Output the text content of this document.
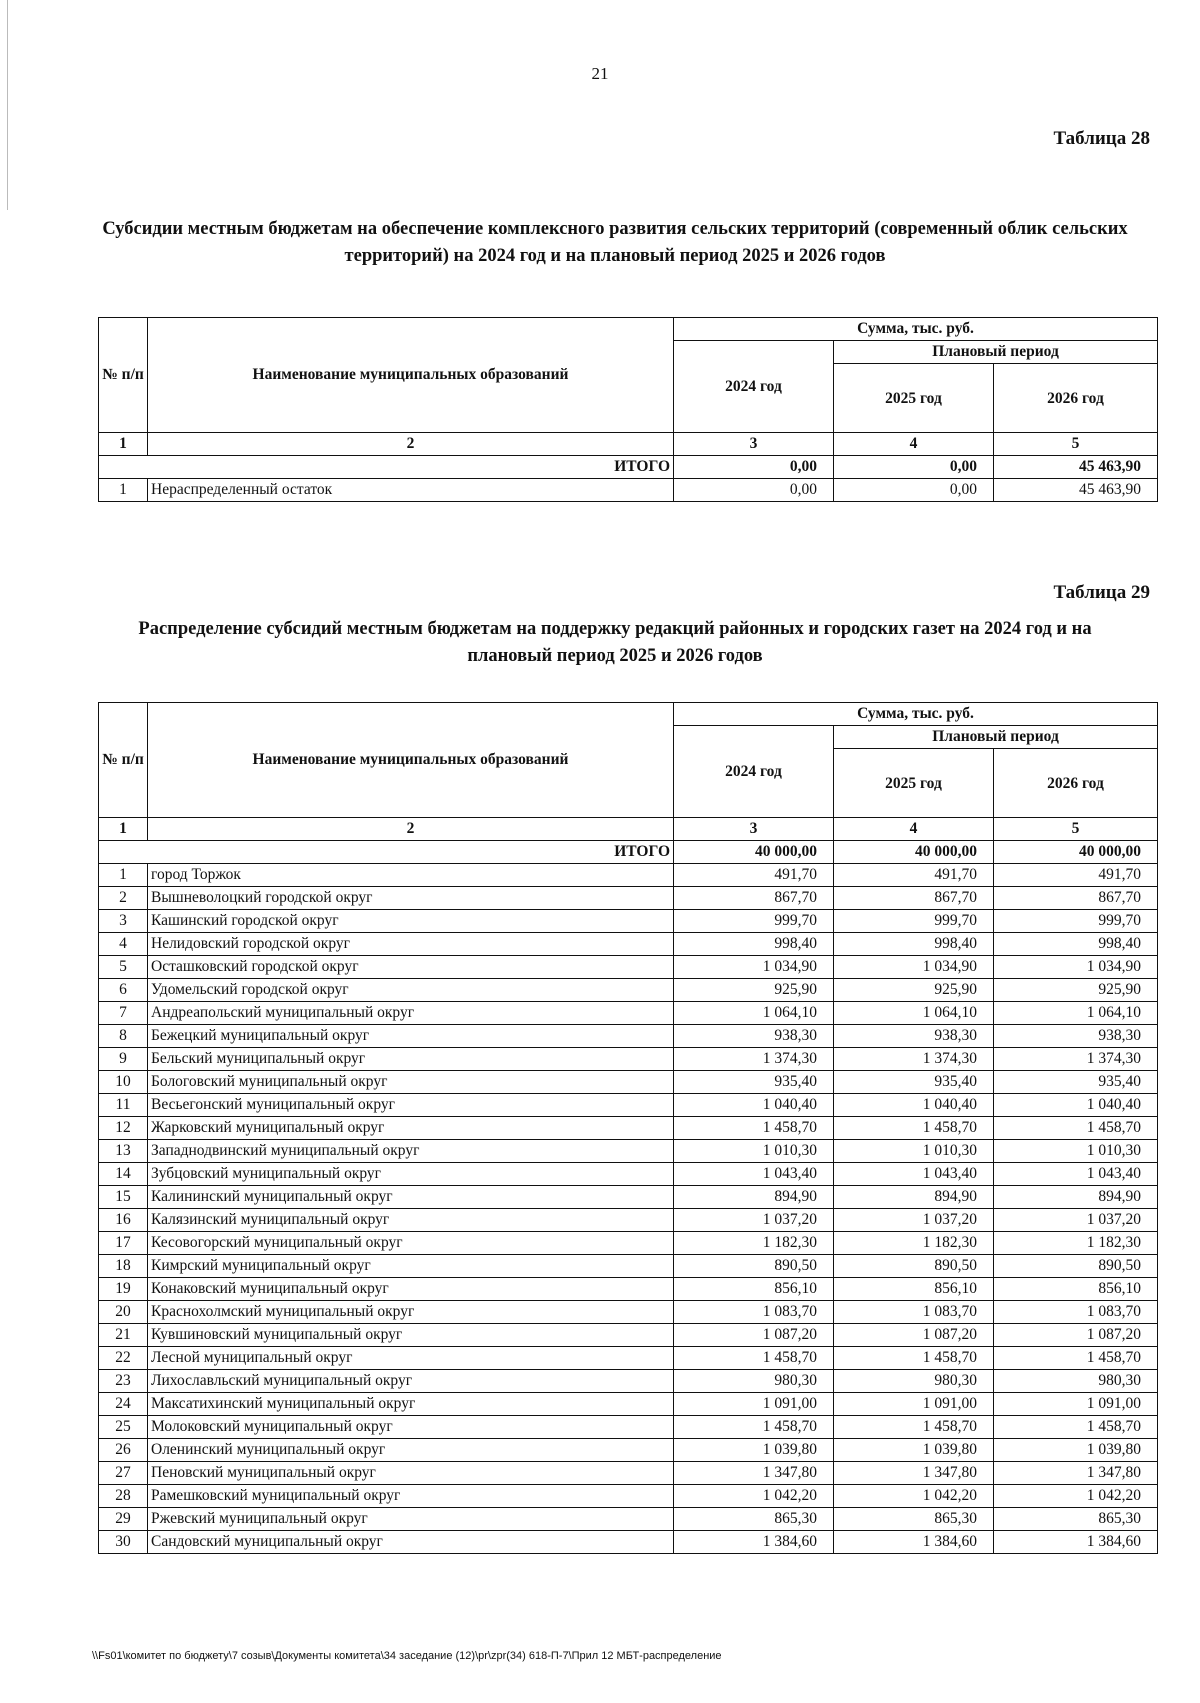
21
Таблица 28
Субсидии местным бюджетам на обеспечение комплексного развития сельских территорий (современный облик сельских территорий) на 2024 год и на плановый период 2025 и 2026 годов
№ п/п	Наименование муниципальных образований	Сумма, тыс. руб.		
		2024 год	Плановый период	
			2025 год	2026 год
1	2	3	4	5
ИТОГО		0,00	0,00	45 463,90
1	Нераспределенный остаток	0,00	0,00	45 463,90
Таблица 29
Распределение субсидий местным бюджетам на поддержку редакций районных и городских газет на 2024 год и на плановый период 2025 и 2026 годов
№ п/п	Наименование муниципальных образований	Сумма, тыс. руб.		
		2024 год	Плановый период	
			2025 год	2026 год
1	2	3	4	5
ИТОГО		40 000,00	40 000,00	40 000,00
1	город Торжок	491,70	491,70	491,70
2	Вышневолоцкий городской округ	867,70	867,70	867,70
3	Кашинский городской округ	999,70	999,70	999,70
4	Нелидовский городской округ	998,40	998,40	998,40
5	Осташковский городской округ	1 034,90	1 034,90	1 034,90
6	Удомельский городской округ	925,90	925,90	925,90
7	Андреапольский муниципальный округ	1 064,10	1 064,10	1 064,10
8	Бежецкий муниципальный округ	938,30	938,30	938,30
9	Бельский муниципальный округ	1 374,30	1 374,30	1 374,30
10	Бологовский муниципальный округ	935,40	935,40	935,40
11	Весьегонский муниципальный округ	1 040,40	1 040,40	1 040,40
12	Жарковский муниципальный округ	1 458,70	1 458,70	1 458,70
13	Западнодвинский муниципальный округ	1 010,30	1 010,30	1 010,30
14	Зубцовский муниципальный округ	1 043,40	1 043,40	1 043,40
15	Калининский муниципальный округ	894,90	894,90	894,90
16	Калязинский муниципальный округ	1 037,20	1 037,20	1 037,20
17	Кесовогорский муниципальный округ	1 182,30	1 182,30	1 182,30
18	Кимрский муниципальный округ	890,50	890,50	890,50
19	Конаковский муниципальный округ	856,10	856,10	856,10
20	Краснохолмский муниципальный округ	1 083,70	1 083,70	1 083,70
21	Кувшиновский муниципальный округ	1 087,20	1 087,20	1 087,20
22	Лесной муниципальный округ	1 458,70	1 458,70	1 458,70
23	Лихославльский муниципальный округ	980,30	980,30	980,30
24	Максатихинский муниципальный округ	1 091,00	1 091,00	1 091,00
25	Молоковский муниципальный округ	1 458,70	1 458,70	1 458,70
26	Оленинский муниципальный округ	1 039,80	1 039,80	1 039,80
27	Пеновский муниципальный округ	1 347,80	1 347,80	1 347,80
28	Рамешковский муниципальный округ	1 042,20	1 042,20	1 042,20
29	Ржевский муниципальный округ	865,30	865,30	865,30
30	Сандовский муниципальный округ	1 384,60	1 384,60	1 384,60
\\Fs01\комитет по бюджету\7 созыв\Документы комитета\34 заседание (12)\pr\zpr(34) 618-П-7\Прил 12 МБТ-распределение
